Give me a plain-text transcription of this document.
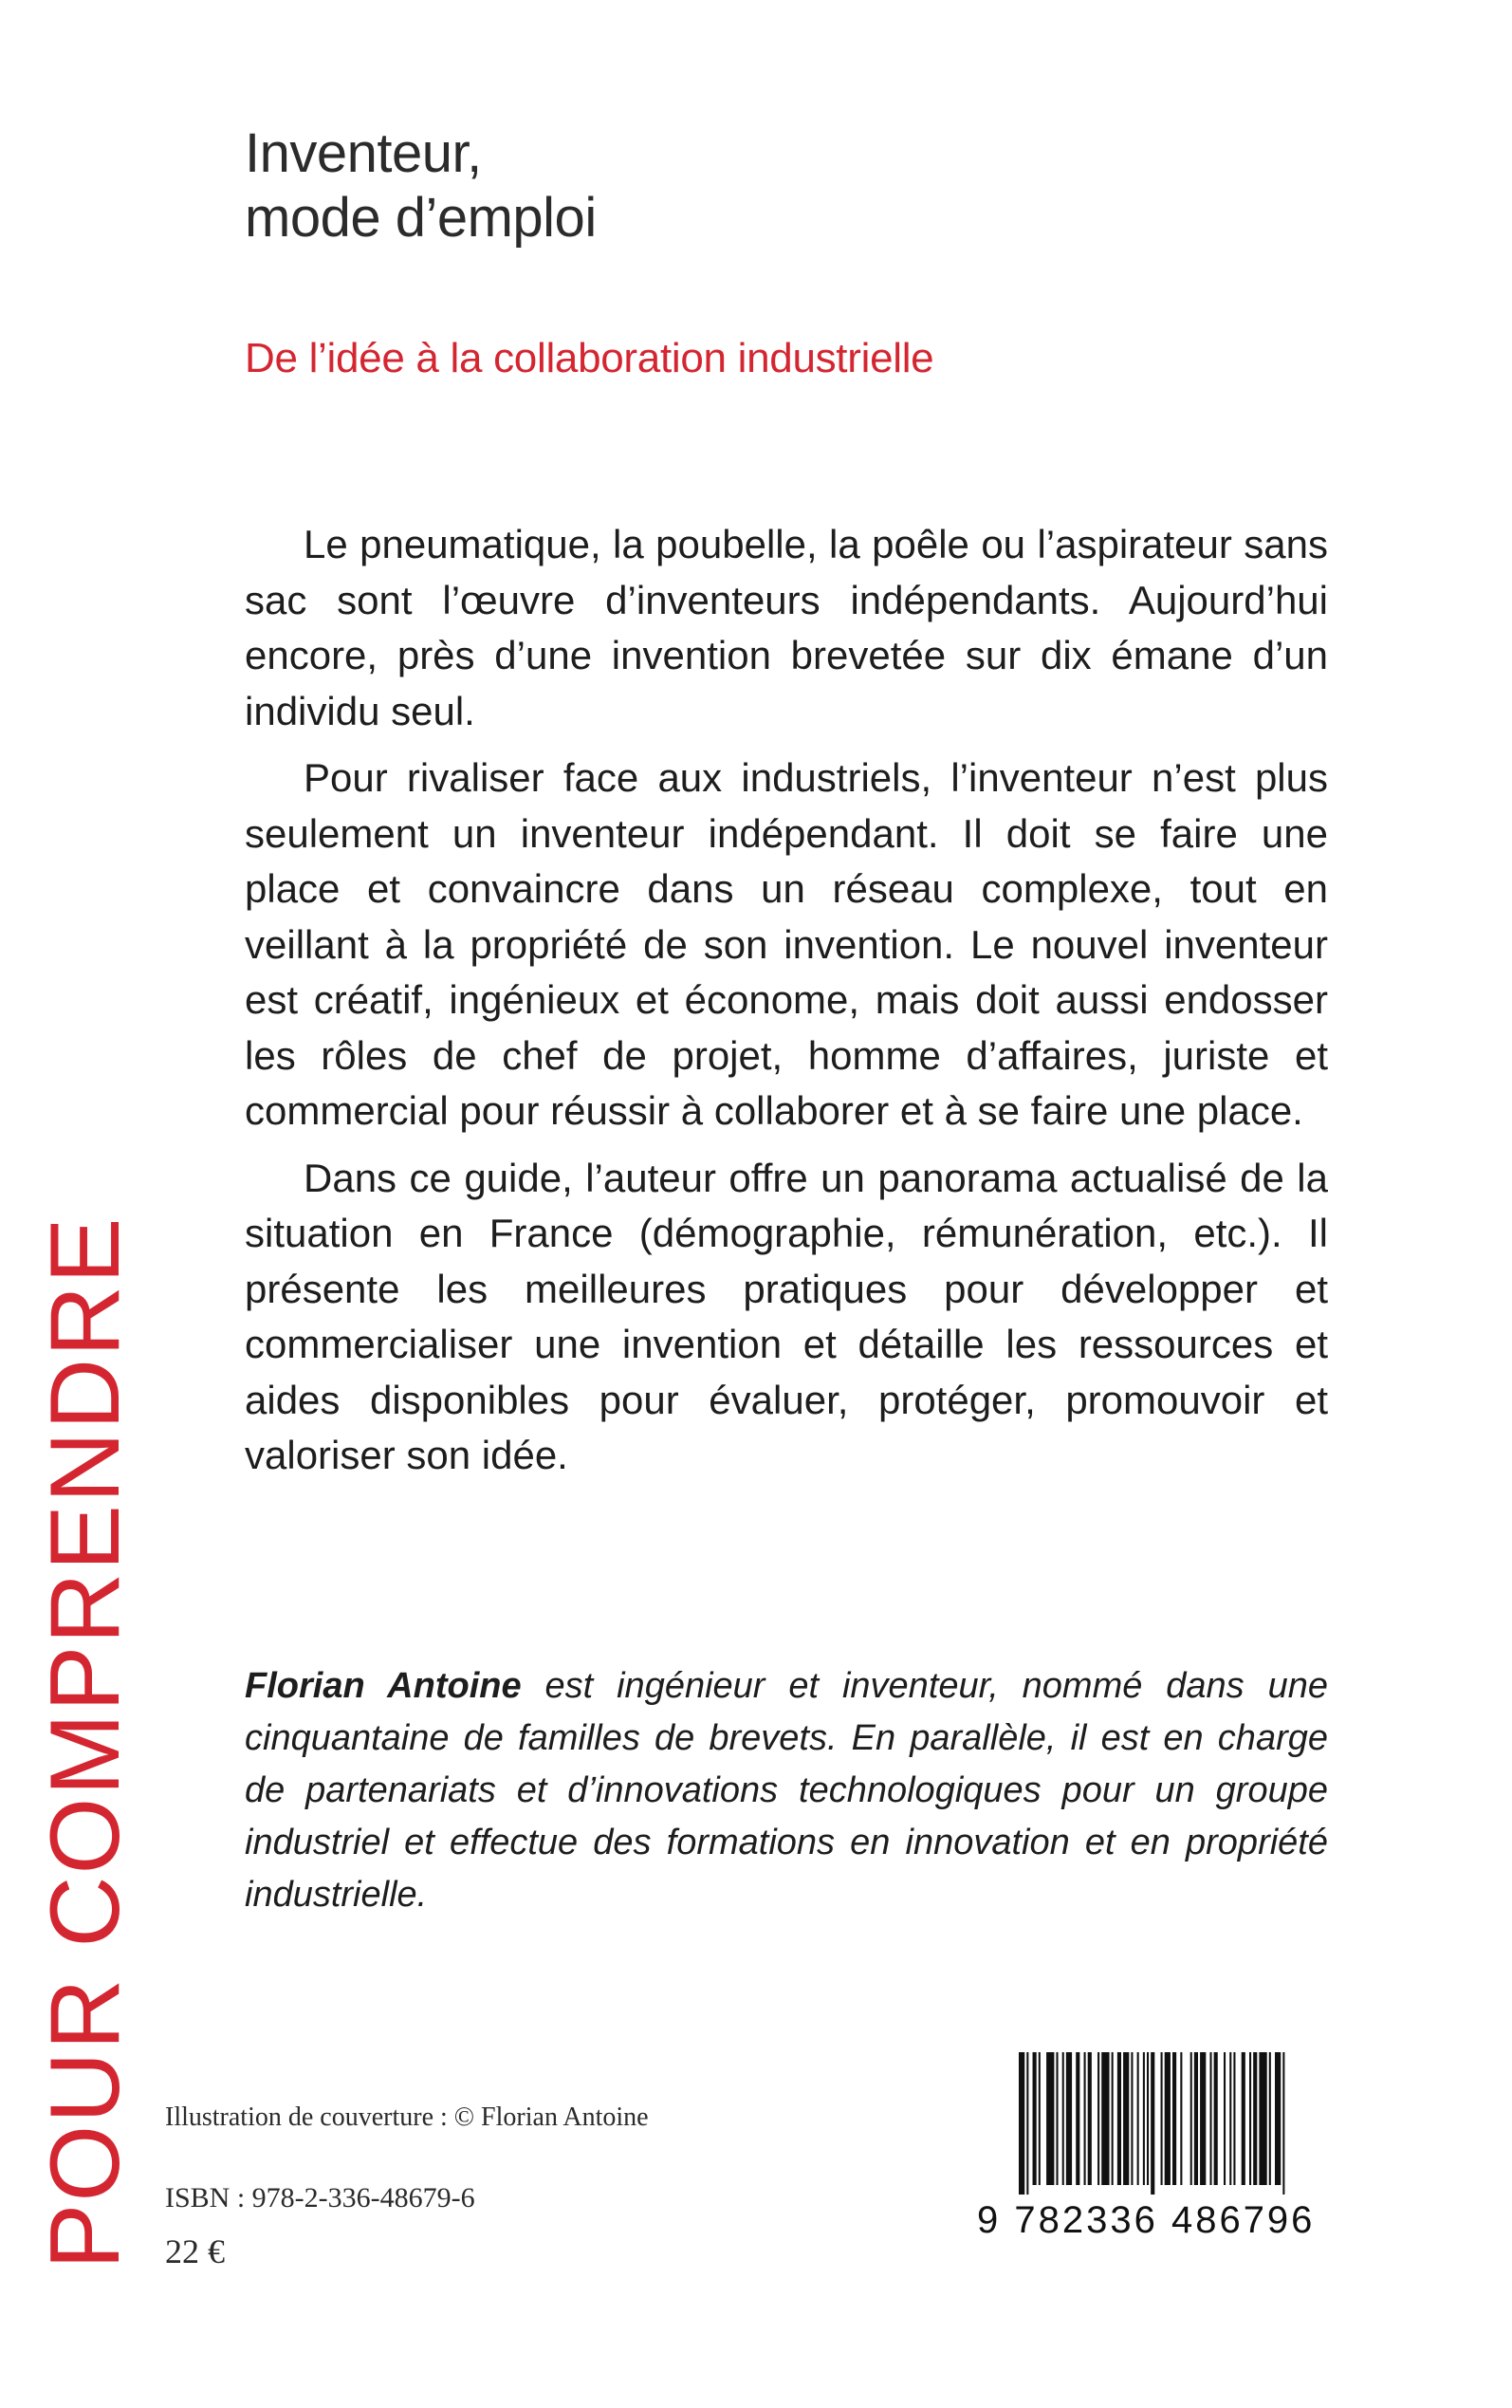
Inventeur,
mode d’emploi
De l’idée à la collaboration industrielle

Le pneumatique, la poubelle, la poêle ou l’aspirateur sans sac sont l’œuvre d’inventeurs indépendants. Aujourd’hui encore, près d’une invention brevetée sur dix émane d’un individu seul.

Pour rivaliser face aux industriels, l’inventeur n’est plus seulement un inventeur indépendant. Il doit se faire une place et convaincre dans un réseau complexe, tout en veillant à la propriété de son invention. Le nouvel inventeur est créatif, ingénieux et économe, mais doit aussi endosser les rôles de chef de projet, homme d’affaires, juriste et commercial pour réussir à collaborer et à se faire une place.

Dans ce guide, l’auteur offre un panorama actualisé de la situation en France (démographie, rémunération, etc.). Il présente les meilleures pratiques pour développer et commercialiser une invention et détaille les ressources et aides disponibles pour évaluer, protéger, promouvoir et valoriser son idée.

Florian Antoine est ingénieur et inventeur, nommé dans une cinquantaine de familles de brevets. En parallèle, il est en charge de partenariats et d’innovations technologiques pour un groupe industriel et effectue des formations en innovation et en propriété industrielle.
POUR COMPRENDRE Illustration de couverture : © Florian Antoine
ISBN : 978-2-336-48679-6
22 €
9 782336 486796
